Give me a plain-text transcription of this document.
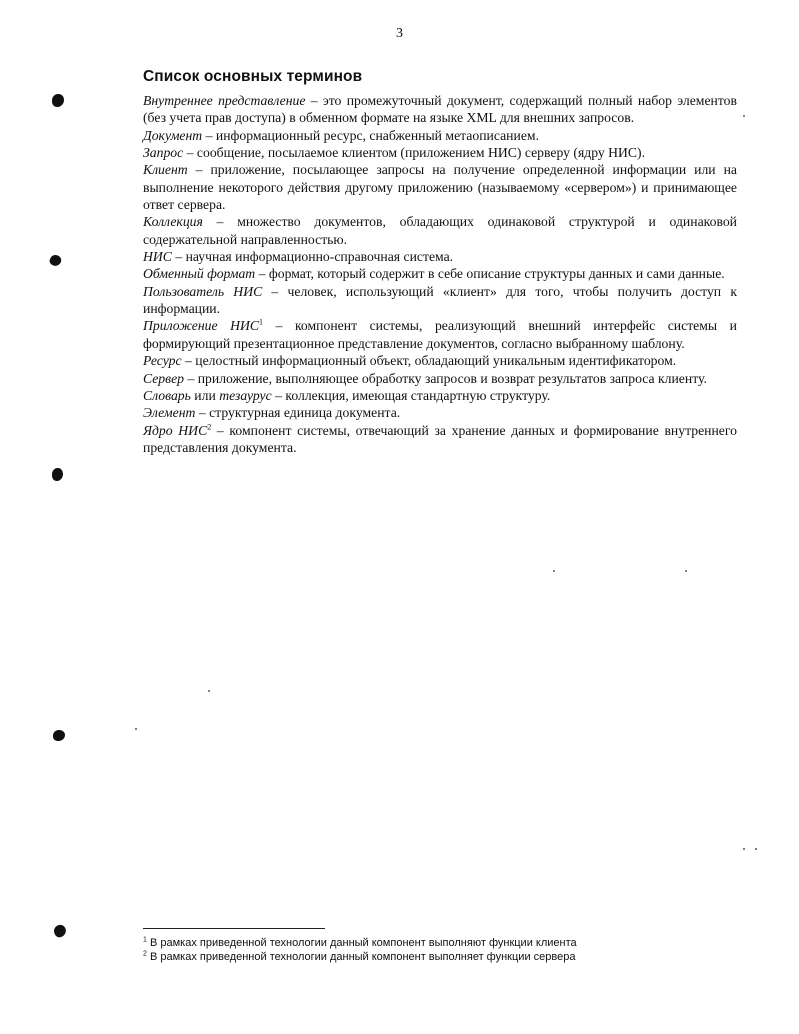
3
Список основных терминов

Внутреннее представление – это промежуточный документ, содержащий полный набор элементов (без учета прав доступа) в обменном формате на языке XML для внешних запросов.

Документ – информационный ресурс, снабженный метаописанием.

Запрос – сообщение, посылаемое клиентом (приложением НИС) серверу (ядру НИС).

Клиент – приложение, посылающее запросы на получение определенной информации или на выполнение некоторого действия другому приложению (называемому «сервером») и принимающее ответ сервера.

Коллекция – множество документов, обладающих одинаковой структурой и одинаковой содержательной направленностью.

НИС – научная информационно-справочная система.

Обменный формат – формат, который содержит в себе описание структуры данных и сами данные.

Пользователь НИС – человек, использующий «клиент» для того, чтобы получить доступ к информации.

Приложение НИС$^1$ – компонент системы, реализующий внешний интерфейс системы и формирующий презентационное представление документов, согласно выбранному шаблону.

Ресурс – целостный информационный объект, обладающий уникальным идентификатором.

Сервер – приложение, выполняющее обработку запросов и возврат результатов запроса клиенту.

Словарь или тезаурус – коллекция, имеющая стандартную структуру.

Элемент – структурная единица документа.

Ядро НИС$^2$ – компонент системы, отвечающий за хранение данных и формирование внутреннего представления документа.

$^1$ В рамках приведенной технологии данный компонент выполняют функции клиента
$^2$ В рамках приведенной технологии данный компонент выполняет функции сервера
